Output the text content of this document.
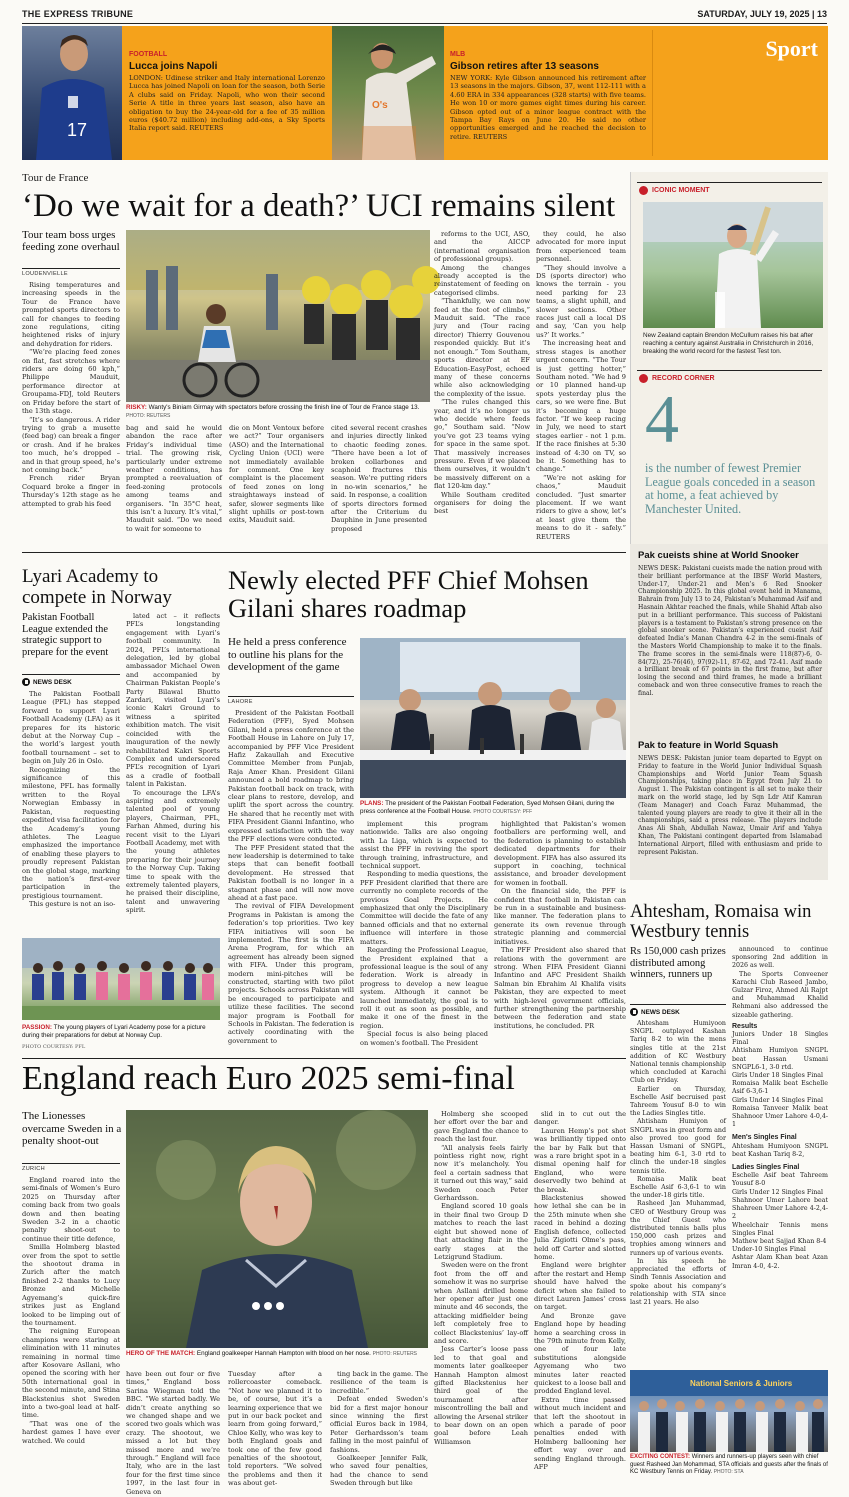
THE EXPRESS TRIBUNE	SATURDAY, JULY 19, 2025 | 13
17
FOOTBALL
Lucca joins Napoli
LONDON: Udinese striker and Italy international Lorenzo Lucca has joined Napoli on loan for the season, both Serie A clubs said on Friday. Napoli, who won their second Serie A title in three years last season, also have an obligation to buy the 24-year-old for a fee of 35 million euros ($40.72 million) including add-ons, a Sky Sports Italia report said. REUTERS
O's
MLB
Gibson retires after 13 seasons
NEW YORK: Kyle Gibson announced his retirement after 13 seasons in the majors. Gibson, 37, went 112-111 with a 4.60 ERA in 334 appearances (328 starts) with five teams. He won 10 or more games eight times during his career. Gibson opted out of a minor league contract with the Tampa Bay Rays on June 20. He said no other opportunities emerged and he reached the decision to retire. REUTERS
Sport
Tour de France
‘Do we wait for a death?’ UCI remains silent
Tour team boss urges feeding zone overhaul
LOUDENVIELLE

Rising temperatures and increasing speeds in the Tour de France have prompted sports directors to call for changes to feeding zone regulations, citing heightened risks of injury and dehydration for riders.

“We’re placing feed zones on flat, fast stretches where riders are doing 60 kph,” Philippe Mauduit, performance director at Groupama-FDJ, told Reuters on Friday before the start of the 13th stage.

“It’s so dangerous. A rider trying to grab a musette (feed bag) can break a finger or crash. And if he brakes too much, he’s dropped – and in that group speed, he’s not coming back.”

French rider Bryan Coquard broke a finger in Thursday’s 12th stage as he attempted to grab his feed

RISKY: Wanty's Biniam Girmay with spectators before crossing the finish line of Tour de France stage 13. PHOTO: REUTERS
bag and said he would abandon the race after Friday’s individual time trial. The growing risk, particularly under extreme weather conditions, has prompted a reevaluation of feed-zoning protocols among teams and organisers. “In 35°C heat, this isn’t a luxury. It’s vital,” Mauduit said. “Do we need to wait for someone to
die on Mont Ventoux before we act?” Tour organisers (ASO) and the International Cycling Union (UCI) were not immediately available for comment. One key complaint is the placement of feed zones on long straightaways instead of safer, slower segments like slight uphills or post-town exits, Mauduit said.
cited several recent crashes and injuries directly linked to chaotic feeding zones. “There have been a lot of broken collarbones and scaphoid fractures this season. We’re putting riders in no-win scenarios,” he said. In response, a coalition of sports directors formed after the Criterium du Dauphine in June presented proposed

reforms to the UCI, ASO, and the AICCP (international organisation of professional groups).

Among the changes already accepted is the reinstatement of feeding on categorised climbs.

“Thankfully, we can now feed at the foot of climbs,” Mauduit said. “The race jury and (Tour racing director) Thierry Gouvenou responded quickly. But it’s not enough.” Tom Southam, sports director at EF Education-EasyPost, echoed many of these concerns while also acknowledging the complexity of the issue.

“The rules changed this year, and it’s no longer us who decide where feeds go,” Southam said. “Now you’ve got 23 teams vying for space in the same spot. That massively increases pressure. Even if we placed them ourselves, it wouldn’t be massively different on a flat 120-km day.”

While Southam credited organisers for doing the best

they could, he also advocated for more input from experienced team personnel.

“They should involve a DS (sports director) who knows the terrain - you need parking for 23 teams, a slight uphill, and slower sections. Other races just call a local DS and say, ‘Can you help us?’ It works.”

The increasing heat and stress stages is another urgent concern. “The Tour is just getting hotter,” Southam noted. “We had 9 or 10 planned hand-up spots yesterday plus the cars, so we were fine. But it’s becoming a huge factor. “If we keep racing in July, we need to start stages earlier - not 1 p.m. If the race finishes at 5:30 instead of 4:30 on TV, so be it. Something has to change.”

“We’re not asking for chaos,” Mauduit concluded. “Just smarter placement. If we want riders to give a show, let’s at least give them the means to do it - safely.” REUTERS

ICONIC MOMENT
New Zealand captain Brendon McCullum raises his bat after reaching a century against Australia in Christchurch in 2016, breaking the world record for the fastest Test ton.
RECORD CORNER
4
is the number of fewest Premier League goals conceded in a season at home, a feat achieved by Manchester United.
Lyari Academy to compete in Norway
Pakistan Football League extended the strategic support to prepare for the event
NEWS DESK

The Pakistan Football League (PFL) has stepped forward to support Lyari Football Academy (LFA) as it prepares for its historic debut at the Norway Cup – the world’s largest youth football tournament – set to begin on July 26 in Oslo.

Recognizing the significance of this milestone, PFL has formally written to the Royal Norwegian Embassy in Pakistan, requesting expedited visa facilitation for the Academy’s young athletes. The League emphasized the importance of enabling these players to proudly represent Pakistan on the global stage, marking the nation’s first-ever participation in the prestigious tournament.

This gesture is not an iso-

lated act – it reflects PFL’s longstanding engagement with Lyari’s football community. In 2024, PFL’s international delegation, led by global ambassador Michael Owen and accompanied by Chairman Pakistan People’s Party Bilawal Bhutto Zardari, visited Lyari’s iconic Kakri Ground to witness a spirited exhibition match. The visit coincided with the inauguration of the newly rehabilitated Kakri Sports Complex and underscored PFL’s recognition of Lyari as a cradle of football talent in Pakistan.

To encourage the LFA’s aspiring and extremely talented pool of young players, Chairman, PFL, Farhan Ahmed, during his recent visit to the Liyari Football Academy, met with the young athletes preparing for their journey to the Norway Cup. Taking time to speak with the extremely talented players, he praised their discipline, talent and unwavering spirit.

PASSION: The young players of Lyari Academy pose for a picture during their preparations for debut at Norway Cup.
PHOTO COURTESY: PFL
Newly elected PFF Chief Mohsen Gilani shares roadmap
He held a press conference to outline his plans for the development of the game
LAHORE

President of the Pakistan Football Federation (PFF), Syed Mohsen Gilani, held a press conference at the Football House in Lahore on July 17, accompanied by PFF Vice President Hafiz Zakaullah and Executive Committee Member from Punjab, Raja Amer Khan. President Gilani announced a bold roadmap to bring Pakistan football back on track, with clear plans to restore, develop, and uplift the sport across the country. He shared that he recently met with FIFA President Gianni Infantino, who expressed satisfaction with the way the PFF elections were conducted.

The PFF President stated that the new leadership is determined to take steps that can benefit football development. He stressed that Pakistan football is no longer in a stagnant phase and will now move ahead at a fast pace.

The revival of FIFA Development Programs in Pakistan is among the federation’s top priorities. Two key FIFA initiatives will soon be implemented. The first is the FIFA Arena Program, for which an agreement has already been signed with FIFA. Under this program, modern mini-pitches will be constructed, starting with two pilot projects. Schools across Pakistan will be encouraged to participate and utilize these facilities. The second major program is Football for Schools in Pakistan. The federation is actively coordinating with the government to

PLANS: The president of the Pakistan Football Federation, Syed Mohsen Gilani, during the press conference at the Football House. PHOTO COURTESY: PFF

implement this program nationwide. Talks are also ongoing with La Liga, which is expected to assist the PFF in reviving the sport through training, infrastructure, and technical support.

Responding to media questions, the PFF President clarified that there are currently no complete records of the previous Goal Projects. He emphasized that only the Disciplinary Committee will decide the fate of any banned officials and that no external influence will interfere in those matters.

Regarding the Professional League, the President explained that a professional league is the soul of any federation. Work is already in progress to develop a new league system. Although it cannot be launched immediately, the goal is to roll it out as soon as possible, and make it one of the finest in the region.

Special focus is also being placed on women’s football. The President

highlighted that Pakistan’s women footballers are performing well, and the federation is planning to establish dedicated departments for their development. FIFA has also assured its support in coaching, technical assistance, and broader development for women in football.

On the financial side, the PFF is confident that football in Pakistan can be run in a sustainable and business-like manner. The federation plans to generate its own revenue through strategic planning and commercial initiatives.

The PFF President also shared that relations with the government are strong. When FIFA President Gianni Infantino and AFC President Shaikh Salman bin Ebrahim Al Khalifa visits Pakistan, they are expected to meet with high-level government officials, further strengthening the partnership between the federation and state institutions, he concluded. PR

Pak cueists shine at World Snooker
NEWS DESK: Pakistani cueists made the nation proud with their brilliant performance at the IBSF World Masters, Under-17, Under-21 and Men’s 6 Red Snooker Championship 2025. In this global event held in Manama, Bahrain from July 13 to 24, Pakistan’s Muhammad Asif and Hasnain Akhtar reached the finals, while Shahid Aftab also put in a brilliant performance. This success of Pakistani players is a testament to Pakistan’s strong presence on the global snooker scene. Pakistan’s experienced cueist Asif defeated India’s Manan Chandra 4-2 in the semi-finals of the Masters World Championship to make it to the finals. The frame scores in the semi-finals were 118(87)-6, 0-84(72), 25-76(46), 97(92)-11, 87-62, and 72-41. Asif made a brilliant break of 67 points in the first frame, but after losing the second and third frames, he made a brilliant comeback and won three consecutive frames to reach the final.
Pak to feature in World Squash
NEWS DESK: Pakistan junior team departed to Egypt on Friday to feature in the World Junior Individual Squash Championships and World Junior Team Squash Championships, taking place in Egypt from July 21 to August 1. The Pakistan contingent is all set to make their mark on the world stage, led by Sqn Ldr Atif Kamran (Team Manager) and Coach Faraz Muhammad, the talented young players are ready to give it their all in the championships, said a press release. The players include Anas Ali Shah, Abdullah Nawaz, Umair Arif and Yahya Khan, The Pakistani contingent departed from Islamabad International Airport, filled with enthusiasm and pride to represent Pakistan.
Ahtesham, Romaisa win Westbury tennis
Rs 150,000 cash prizes distributed among winners, runners up
NEWS DESK

Ahtesham Humiyoon SNGPL outplayed Kashan Tariq 8-2 to win the mens singles title at the 21st addition of KC Westbury National tennis championship which concluded at Karachi Club on Friday.

Earlier on Thursday, Eschelle Asif becruised past Tahreem Yousuf 8-0 to win the Ladies Singles title.

Ahtisham Humiyon of SNGPL was in great form and also proved too good for Hassan Usmani of SNGPL, beating him 6-1, 3-0 rtd to clinch the under-18 singles tennis title.

Romaisa Malik beat Eschelle Asif 6-3,6-1 to win the under-18 girls title.

Rasheed Jan Muhammad, CEO of Westbury Group was the Chief Guest who distributed tennis balls plus 150,000 cash prizes and trophies among winners and runners up of various events.

In his speech he appreciated the efforts of Sindh Tennis Association and spoke about his company’s relationship with STA since last 21 years. He also

announced to continue sponsoring 2nd addition in 2026 as well.

The Sports Conveener Karachi Club Raseed Jambo, Gulzar Firoz, Ahmed Ali Rajpt and Muhammad Khalid Rehmani also addressed the sizeable gathering.

Results
Juniors Under 18 Singles Final
Ahtisham Humiyon SNGPL beat Hassan Usmani SNGPL6-1, 3-0 rtd.
Girls Under 18 Singles Final
Romaisa Malik beat Eschelle Asif 6-3,6-1
Girls Under 14 Singles Final
Romaisa Tanveer Malik beat Shahnoor Umer Lahore 4-0,4-1
Men's Singles Final
Ahtesham Humiyoon SNGPL beat Kashan Tariq 8-2,
Ladies Singles Final
Eschelle Asif beat Tahreem Yousuf 8-0
Girls Under 12 Singles Final
Shahnoor Umer Lahore beat Shahreen Umer Lahore 4-2,4-2
Wheelchair Tennis mens Singles Final
Mathew beat Sajjad Khan 8-4
Under-10 Singles Final
Ashtar Alam Khan beat Azan Imran 4-0, 4-2.
National Seniors & Juniors
EXCITING CONTEST: Winners and runners-up players seen with chief guest Rasheed Jan Mohammad, STA officials and guests after the finals of KC Westbury Tennis on Friday. PHOTO: STA
England reach Euro 2025 semi-final
The Lionesses overcame Sweden in a penalty shoot-out
ZURICH

England roared into the semi-finals of Women’s Euro 2025 on Thursday after coming back from two goals down and then beating Sweden 3-2 in a chaotic penalty shoot-out to continue their title defence,

Smilla Holmberg blasted over from the spot to settle the shootout drama in Zurich after the match finished 2-2 thanks to Lucy Bronze and Michelle Agyemang’s quick-fire strikes just as England looked to be limping out of the tournament.

The reigning European champions were staring at elimination with 11 minutes remaining in normal time after Kosovare Asllani, who opened the scoring with her 50th international goal in the second minute, and Stina Blackstenius shot Sweden into a two-goal lead at half-time.

“That was one of the hardest games I have ever watched. We could

HERO OF THE MATCH: England goalkeeper Hannah Hampton with blood on her nose. PHOTO: REUTERS
have been out four or five times,” England boss Sarina Wiegman told the BBC. “We started badly. We didn’t create anything so we changed shape and we scored two goals which was crazy. The shootout, we missed a lot but they missed more and we’re through.” England will face Italy, who are in the last four for the first time since 1997, in the last four in Geneva on
Tuesday after a rollercoaster comeback. “Not how we planned it to be, of course, but it’s a learning experience that we put in our back pocket and learn from going forward,” Chloe Kelly, who was key to both England goals and took one of the few good penalties of the shootout, told reporters. “We solved the problems and then it was about get-

ting back in the game. The resilience of the team is incredible.”

Defeat ended Sweden’s bid for a first major honour since winning the first official Euros back in 1984, Peter Gerhardsson’s team falling in the most painful of fashions.

Goalkeeper Jennifer Falk, who saved four penalties, had the chance to send Sweden through but like

Holmberg she scooped her effort over the bar and gave England the chance to reach the last four.

“All analysis feels fairly pointless right now, right now it’s melancholy. You feel a certain sadness that it turned out this way,” said Sweden coach Peter Gerhardsson.

England scored 10 goals in their final two Group D matches to reach the last eight but showed none of that attacking flair in the early stages at the Letzigrund Stadium.

Sweden were on the front foot from the off and somehow it was no surprise when Asllani drilled home her opener after just one minute and 46 seconds, the attacking midfielder being left completely free to collect Blackstenius’ lay-off and score.

Jess Carter’s loose pass led to that goal and moments later goalkeeper Hannah Hampton almost gifted Blackstenius her third goal of the tournament after miscontrolling the ball and allowing the Arsenal striker to bear down on an open goal before Leah Williamson

slid in to cut out the danger.

Lauren Hemp’s pot shot was brilliantly tipped onto the bar by Falk but that was a rare bright spot in a dismal opening half for England, who were deservedly two behind at the break.

Blackstenius showed how lethal she can be in the 25th minute when she raced in behind a dozing English defence, collected Julia Zigiotti Olme’s pass, held off Carter and slotted home.

England were brighter after the restart and Hemp should have halved the deficit when she failed to direct Lauren James’ cross on target.

And Bronze gave England hope by heading home a searching cross in the 79th minute from Kelly, one of four late substitutions alongside Agyemang who two minutes later reacted quickest to a loose ball and prodded England level.

Extra time passed without much incident and that left the shootout in which a parade of poor penalties ended with Holmberg ballooning her effort way over and sending England through. AFP
